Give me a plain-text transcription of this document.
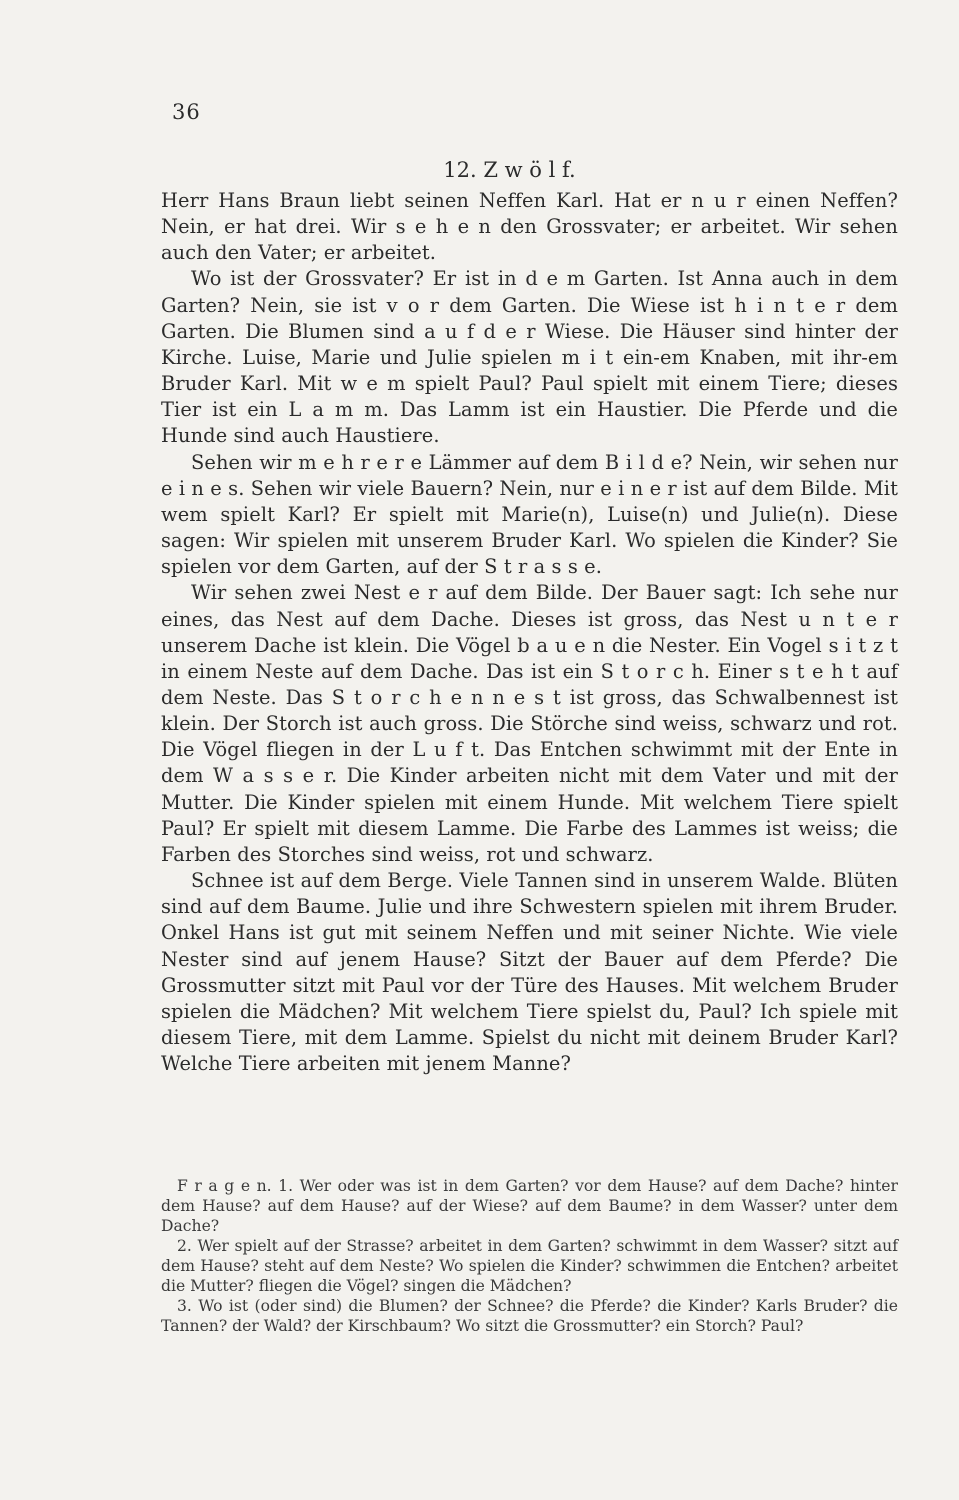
36
12. Z w ö l f.

Herr Hans Braun liebt seinen Neffen Karl. Hat er n u r einen Neffen? Nein, er hat drei. Wir s e h e n den Grossvater; er arbeitet. Wir sehen auch den Vater; er arbeitet.

Wo ist der Grossvater? Er ist in d e m Garten. Ist Anna auch in dem Garten? Nein, sie ist v o r dem Garten. Die Wiese ist h i n t e r dem Garten. Die Blumen sind a u f d e r Wiese. Die Häuser sind hinter der Kirche. Luise, Marie und Julie spielen m i t ein-em Knaben, mit ihr-em Bruder Karl. Mit w e m spielt Paul? Paul spielt mit einem Tiere; dieses Tier ist ein L a m m. Das Lamm ist ein Haustier. Die Pferde und die Hunde sind auch Haustiere.

Sehen wir m e h r e r e Lämmer auf dem B i l d e? Nein, wir sehen nur e i n e s. Sehen wir viele Bauern? Nein, nur e i n e r ist auf dem Bilde. Mit wem spielt Karl? Er spielt mit Marie(n), Luise(n) und Julie(n). Diese sagen: Wir spielen mit unserem Bruder Karl. Wo spielen die Kinder? Sie spielen vor dem Garten, auf der S t r a s s e.

Wir sehen zwei Nest e r auf dem Bilde. Der Bauer sagt: Ich sehe nur eines, das Nest auf dem Dache. Dieses ist gross, das Nest u n t e r unserem Dache ist klein. Die Vögel b a u e n die Nester. Ein Vogel s i t z t in einem Neste auf dem Dache. Das ist ein S t o r c h. Einer s t e h t auf dem Neste. Das S t o r c h e n n e s t ist gross, das Schwalbennest ist klein. Der Storch ist auch gross. Die Störche sind weiss, schwarz und rot. Die Vögel fliegen in der L u f t. Das Entchen schwimmt mit der Ente in dem W a s s e r. Die Kinder arbeiten nicht mit dem Vater und mit der Mutter. Die Kinder spielen mit einem Hunde. Mit welchem Tiere spielt Paul? Er spielt mit diesem Lamme. Die Farbe des Lammes ist weiss; die Farben des Storches sind weiss, rot und schwarz.

Schnee ist auf dem Berge. Viele Tannen sind in unserem Walde. Blüten sind auf dem Baume. Julie und ihre Schwestern spielen mit ihrem Bruder. Onkel Hans ist gut mit seinem Neffen und mit seiner Nichte. Wie viele Nester sind auf jenem Hause? Sitzt der Bauer auf dem Pferde? Die Grossmutter sitzt mit Paul vor der Türe des Hauses. Mit welchem Bruder spielen die Mädchen? Mit welchem Tiere spielst du, Paul? Ich spiele mit diesem Tiere, mit dem Lamme. Spielst du nicht mit deinem Bruder Karl? Welche Tiere arbeiten mit jenem Manne?

F r a g e n. 1. Wer oder was ist in dem Garten? vor dem Hause? auf dem Dache? hinter dem Hause? auf dem Hause? auf der Wiese? auf dem Baume? in dem Wasser? unter dem Dache?

2. Wer spielt auf der Strasse? arbeitet in dem Garten? schwimmt in dem Wasser? sitzt auf dem Hause? steht auf dem Neste? Wo spielen die Kinder? schwimmen die Entchen? arbeitet die Mutter? fliegen die Vögel? singen die Mädchen?

3. Wo ist (oder sind) die Blumen? der Schnee? die Pferde? die Kinder? Karls Bruder? die Tannen? der Wald? der Kirschbaum? Wo sitzt die Grossmutter? ein Storch? Paul?
